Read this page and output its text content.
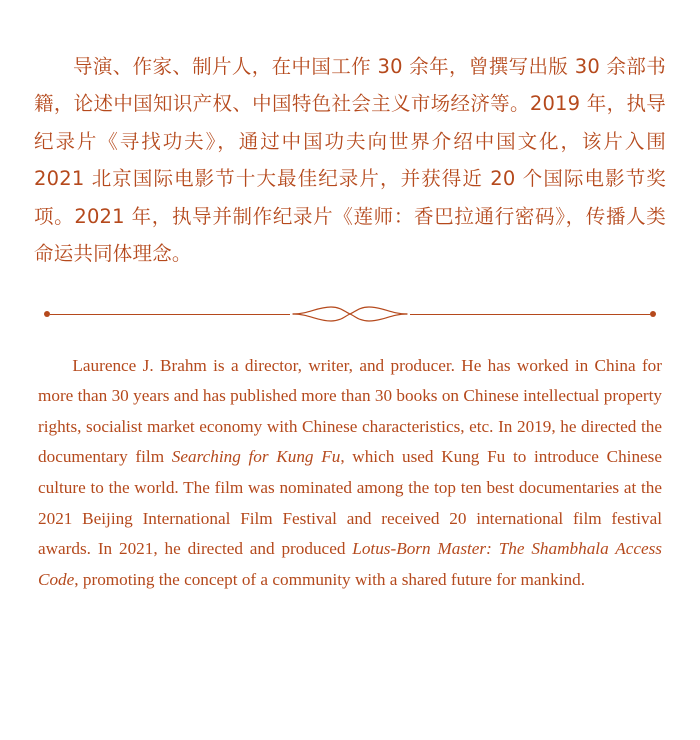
导演、作家、制片人，在中国工作 30 余年，曾撰写出版 30 余部书籍，论述中国知识产权、中国特色社会主义市场经济等。2019 年，执导纪录片《寻找功夫》，通过中国功夫向世界介绍中国文化，该片入围 2021 北京国际电影节十大最佳纪录片，并获得近 20 个国际电影节奖项。2021 年，执导并制作纪录片《莲师：香巴拉通行密码》，传播人类命运共同体理念。

Laurence J. Brahm is a director, writer, and producer. He has worked in China for more than 30 years and has published more than 30 books on Chinese intellectual property rights, socialist market economy with Chinese characteristics, etc. In 2019, he directed the documentary film Searching for Kung Fu, which used Kung Fu to introduce Chinese culture to the world. The film was nominated among the top ten best documentaries at the 2021 Beijing International Film Festival and received 20 international film festival awards. In 2021, he directed and produced Lotus-Born Master: The Shambhala Access Code, promoting the concept of a community with a shared future for mankind.
